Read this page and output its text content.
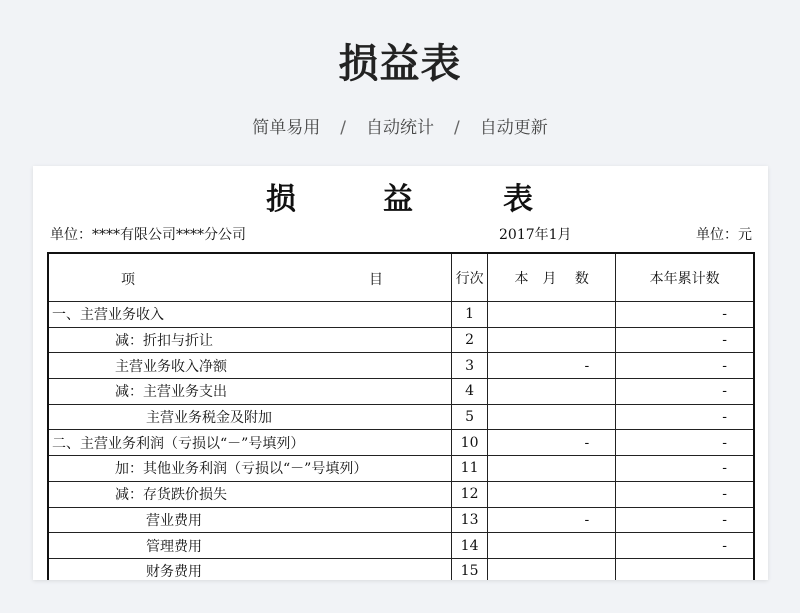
损益表
简单易用 / 自动统计 / 自动更新
损	益	表
单位：****有限公司****分公司	2017年1月	单位：元
项 目	行次	本　月　 数	本年累计数
一、主营业务收入	1		-
减：折扣与折让	2		-
主营业务收入净额	3	-	-
减：主营业务支出	4		-
主营业务税金及附加	5		-
二、主营业务利润（亏损以“－”号填列）	10	-	-
加：其他业务利润（亏损以“－”号填列）	11		-
减：存货跌价损失	12		-
营业费用	13	-	-
管理费用	14		-
财务费用	15		
